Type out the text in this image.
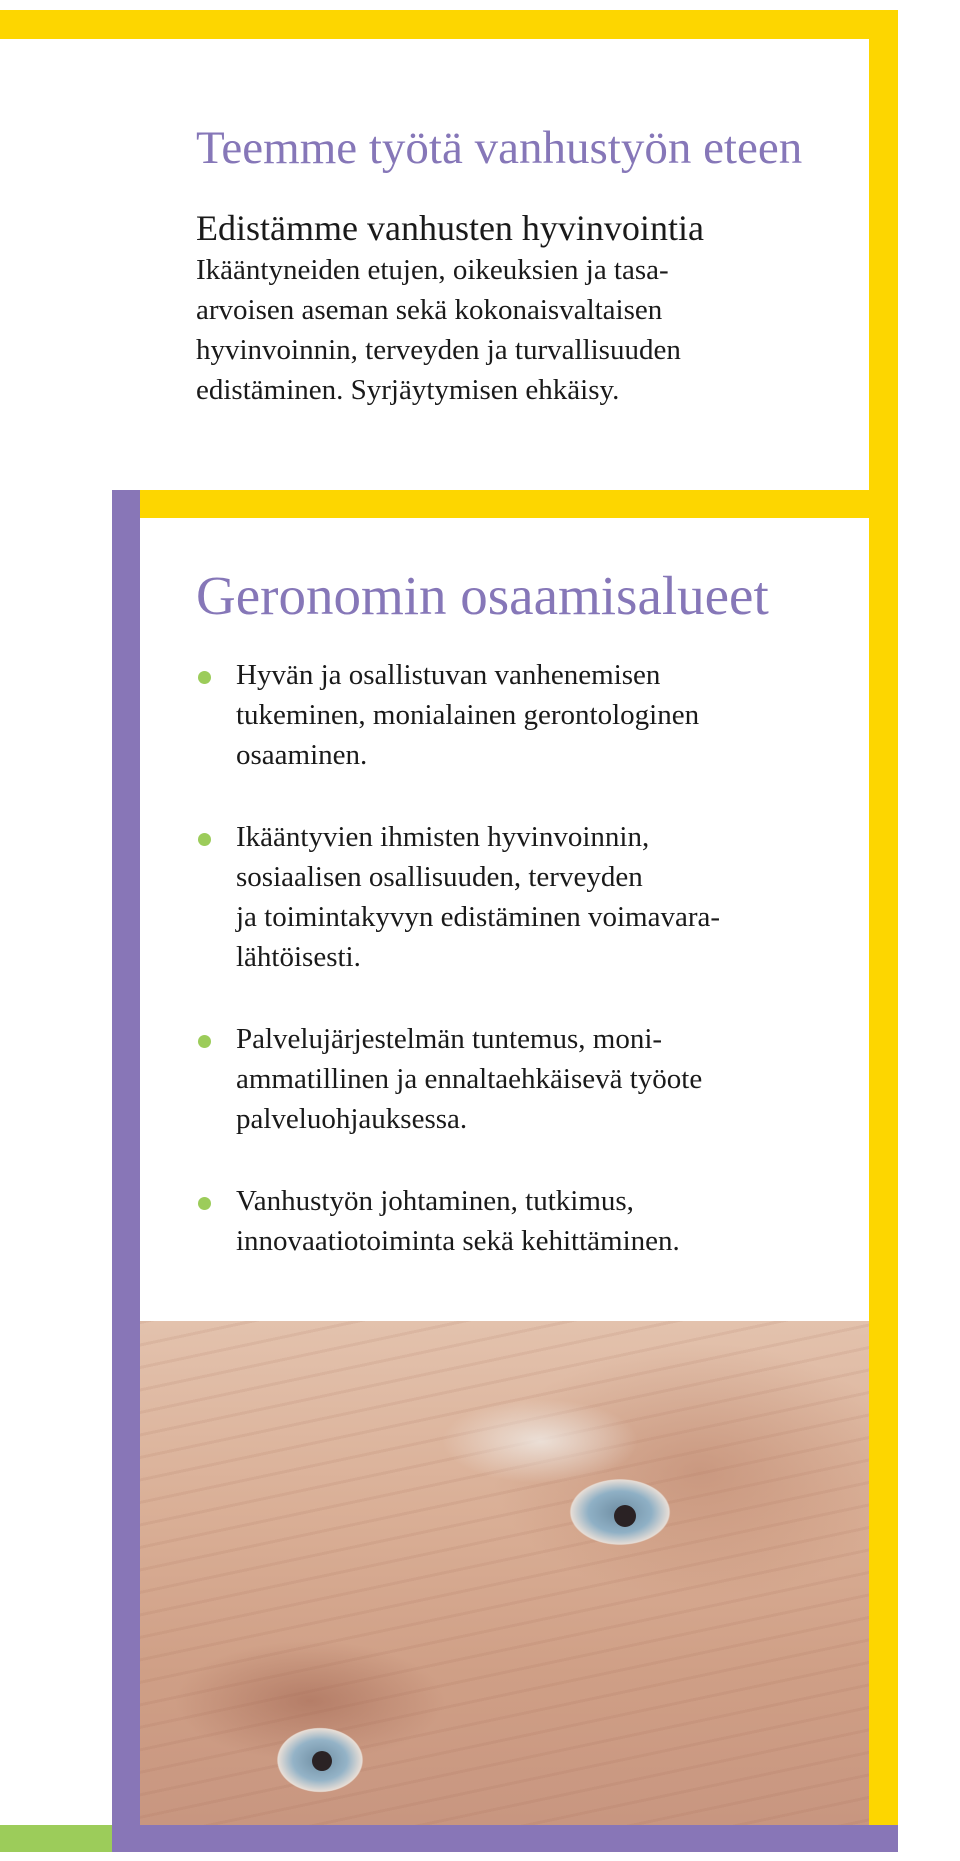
Teemme työtä vanhustyön eteen
Edistämme vanhusten hyvinvointia

Ikääntyneiden etujen, oikeuksien ja tasa-
arvoisen aseman sekä kokonaisvaltaisen
hyvinvoinnin, terveyden ja turvallisuuden
edistäminen. Syrjäytymisen ehkäisy.

Geronomin osaamisalueet
Hyvän ja osallistuvan vanhenemisen
tukeminen, monialainen gerontologinen
osaaminen.
Ikääntyvien ihmisten hyvinvoinnin,
sosiaalisen osallisuuden, terveyden
ja toimintakyvyn edistäminen voimavara-
lähtöisesti.
Palvelujärjestelmän tuntemus, moni-
ammatillinen ja ennaltaehkäisevä työote
palveluohjauksessa.
Vanhustyön johtaminen, tutkimus,
innovaatiotoiminta sekä kehittäminen.
